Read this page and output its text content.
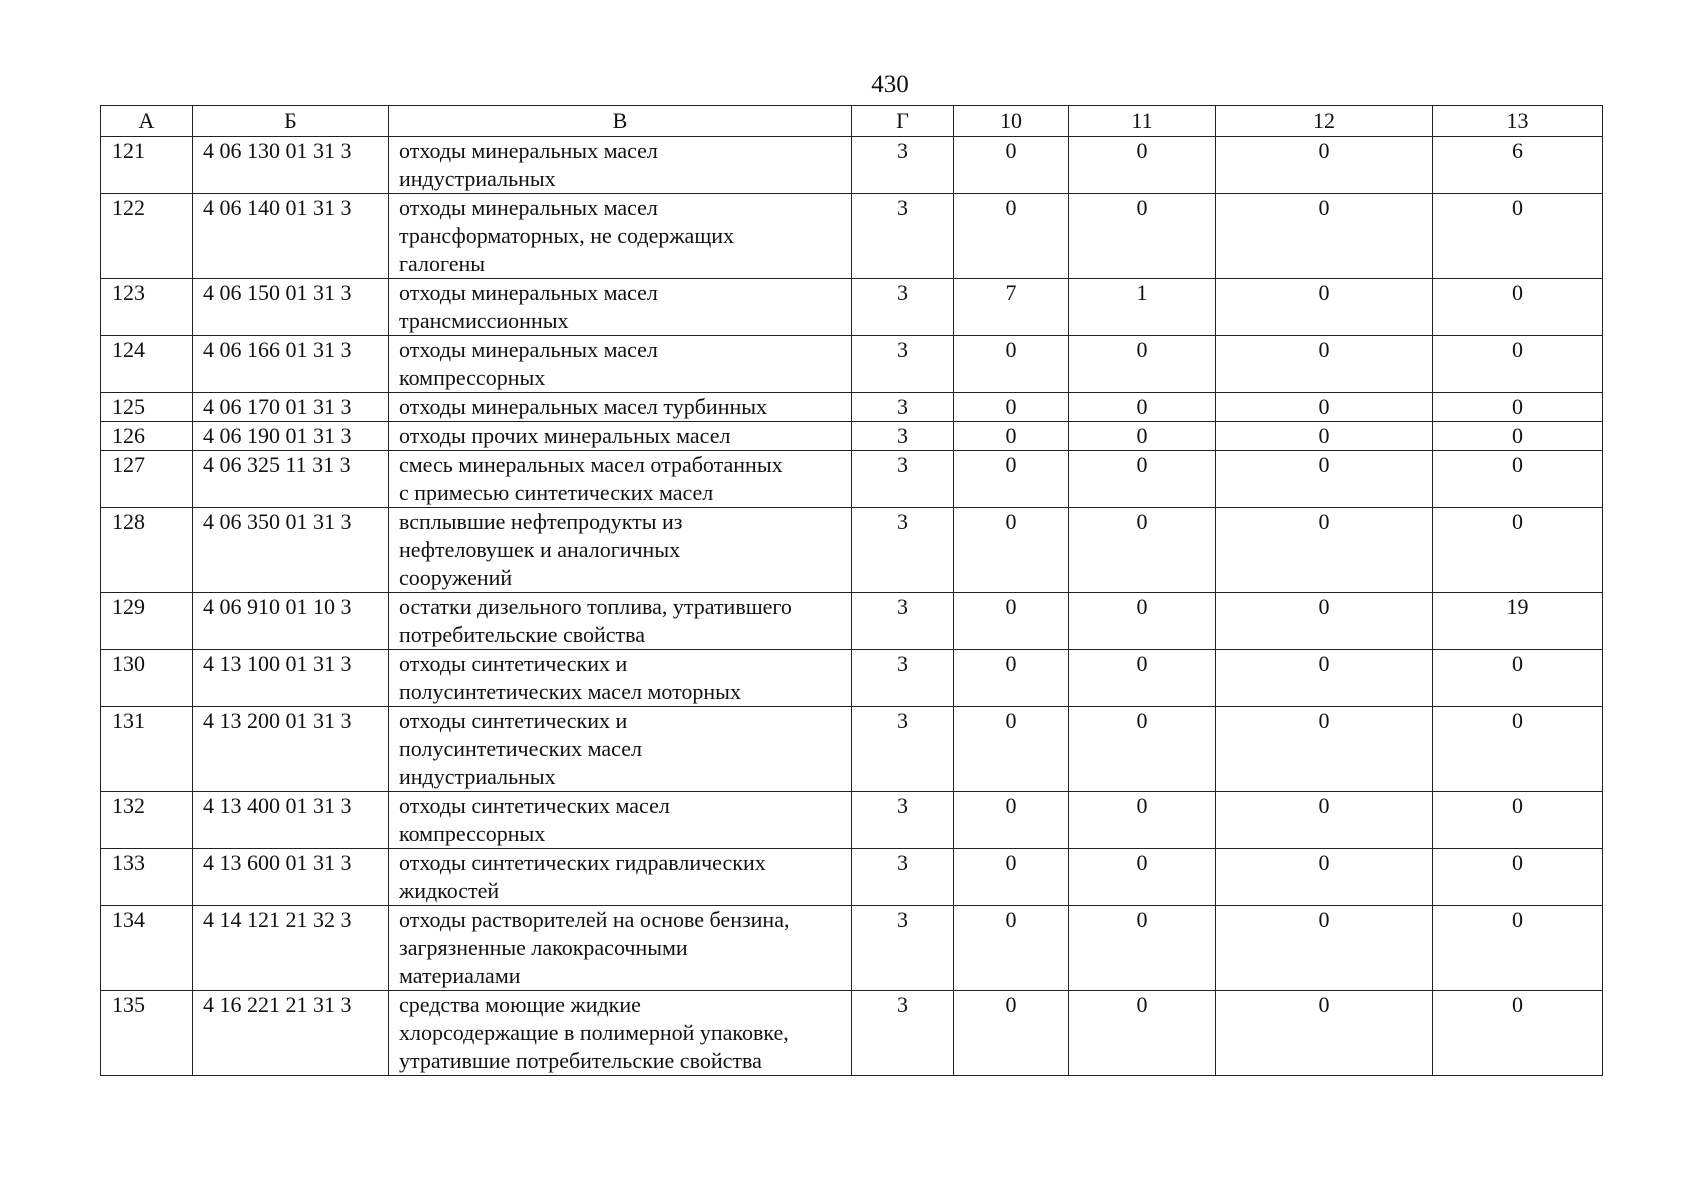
430
А	Б	В	Г	10	11	12	13
121	4 06 130 01 31 3	отходы минеральных масел
индустриальных	3	0	0	0	6
122	4 06 140 01 31 3	отходы минеральных масел
трансформаторных, не содержащих
галогены	3	0	0	0	0
123	4 06 150 01 31 3	отходы минеральных масел
трансмиссионных	3	7	1	0	0
124	4 06 166 01 31 3	отходы минеральных масел
компрессорных	3	0	0	0	0
125	4 06 170 01 31 3	отходы минеральных масел турбинных	3	0	0	0	0
126	4 06 190 01 31 3	отходы прочих минеральных масел	3	0	0	0	0
127	4 06 325 11 31 3	смесь минеральных масел отработанных
с примесью синтетических масел	3	0	0	0	0
128	4 06 350 01 31 3	всплывшие нефтепродукты из
нефтеловушек и аналогичных
сооружений	3	0	0	0	0
129	4 06 910 01 10 3	остатки дизельного топлива, утратившего
потребительские свойства	3	0	0	0	19
130	4 13 100 01 31 3	отходы синтетических и
полусинтетических масел моторных	3	0	0	0	0
131	4 13 200 01 31 3	отходы синтетических и
полусинтетических масел
индустриальных	3	0	0	0	0
132	4 13 400 01 31 3	отходы синтетических масел
компрессорных	3	0	0	0	0
133	4 13 600 01 31 3	отходы синтетических гидравлических
жидкостей	3	0	0	0	0
134	4 14 121 21 32 3	отходы растворителей на основе бензина,
загрязненные лакокрасочными
материалами	3	0	0	0	0
135	4 16 221 21 31 3	средства моющие жидкие
хлорсодержащие в полимерной упаковке,
утратившие потребительские свойства	3	0	0	0	0
